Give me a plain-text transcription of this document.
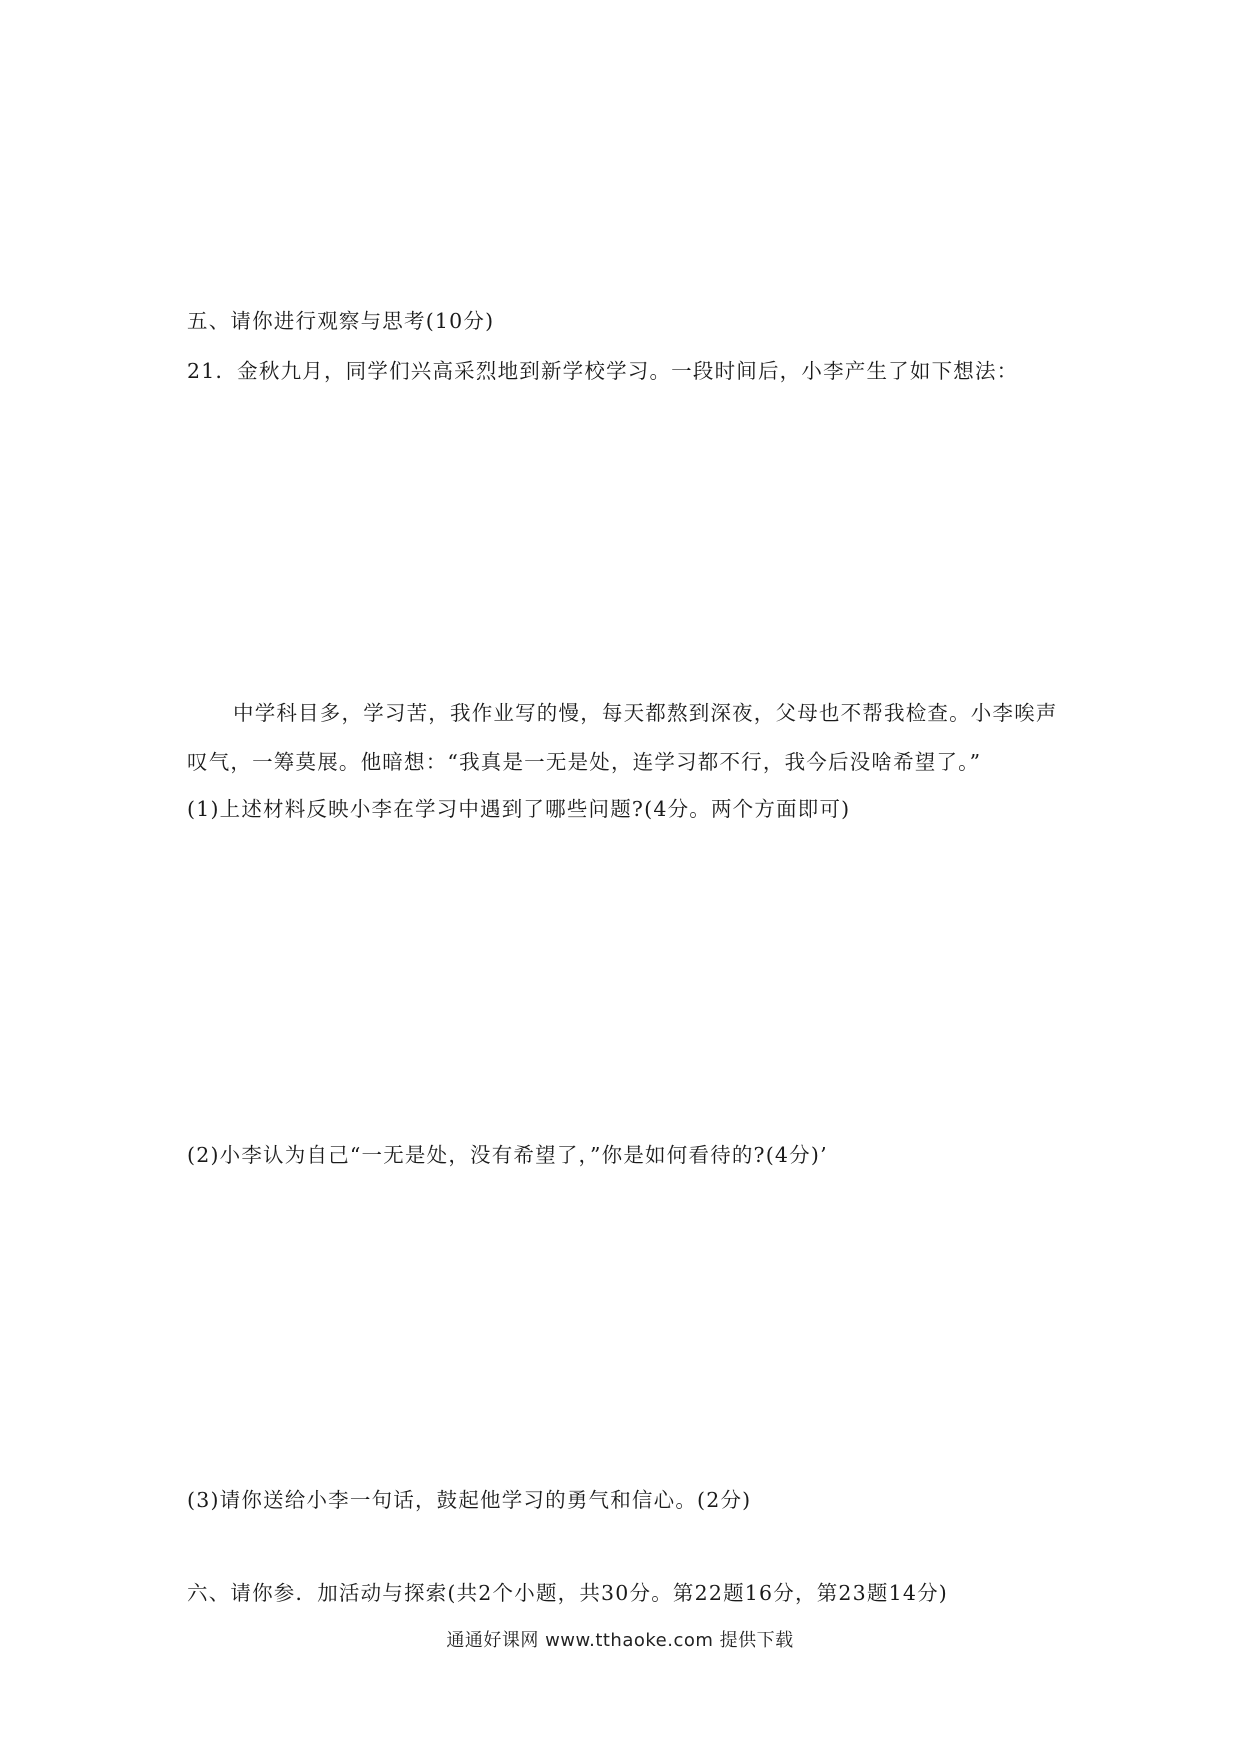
五、请你进行观察与思考(10分)
21．金秋九月，同学们兴高采烈地到新学校学习。一段时间后，小李产生了如下想法：
中学科目多，学习苦，我作业写的慢，每天都熬到深夜，父母也不帮我检查。小李唉声
叹气，一筹莫展。他暗想：“我真是一无是处，连学习都不行，我今后没啥希望了。”
(1)上述材料反映小李在学习中遇到了哪些问题?(4分。两个方面即可)
(2)小李认为自己“一无是处，没有希望了，”你是如何看待的?(4分)’
(3)请你送给小李一句话，鼓起他学习的勇气和信心。(2分)
六、请你参．加活动与探索(共2个小题，共30分。第22题16分，第23题14分)
通通好课网 www.tthaoke.com 提供下载
